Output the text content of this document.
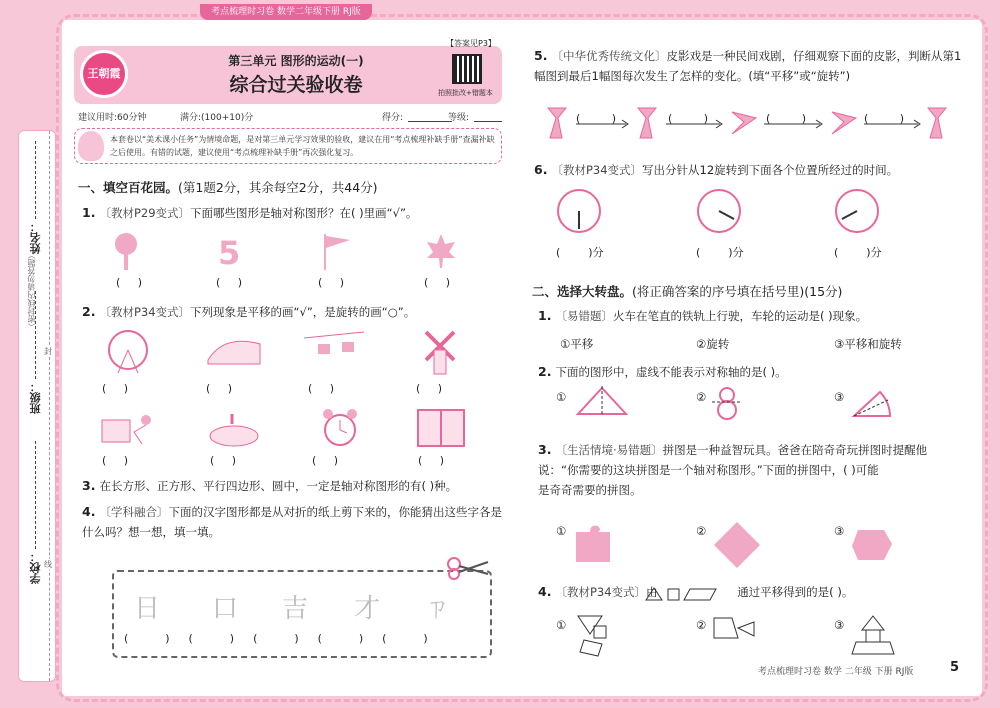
考点梳理时习卷 数学二年级下册 RJ版
姓名：
班级：
学校：
（密封线内请勿答题）
封
线
王朝霞
第三单元 图形的运动(一)
综合过关验收卷
【答案见P3】
拍照批改+错题本
建议用时:60分钟	满分:(100+10)分	得分:	等级:
本套卷以“美术课小任务”为情境命题，是对第三单元学习效果的验收，建议在用“考点梳理补缺手册”查漏补缺之后使用。有错的试题，建议使用“考点梳理补缺手册”再次强化复习。
一、填空百花园。(第1题2分，其余每空2分，共44分)
1. 〔教材P29变式〕下面哪些图形是轴对称图形？在( )里画“√”。
5
(     )	(     )	(     )	(     )
2. 〔教材P34变式〕下列现象是平移的画“√”，是旋转的画“○”。
(     )	(     )	(     )	(     )
(     )	(     )	(     )	(     )
3. 在长方形、正方形、平行四边形、圆中，一定是轴对称图形的有( )种。
4. 〔学科融合〕下面的汉字图形都是从对折的纸上剪下来的，你能猜出这些字各是什么吗？想一想，填一填。
日 口 吉 才 ㄗ
(        )    (        )    (        )    (        )    (        )
5. 〔中华优秀传统文化〕皮影戏是一种民间戏剧，仔细观察下面的皮影，判断从第1幅图到最后1幅图每次发生了怎样的变化。(填“平移”或“旋转”)
(         )	(         )	(         )	(         )
6. 〔教材P34变式〕写出分针从12旋转到下面各个位置所经过的时间。
(	)分	(	)分	(	)分
二、选择大转盘。(将正确答案的序号填在括号里)(15分)
1. 〔易错题〕火车在笔直的铁轨上行驶，车轮的运动是( )现象。
①平移	②旋转	③平移和旋转
2. 下面的图形中，虚线不能表示对称轴的是( )。
①	②	③
3. 〔生活情境·易错题〕拼图是一种益智玩具。爸爸在陪奇奇玩拼图时提醒他
说：“你需要的这块拼图是一个轴对称图形。”下面的拼图中，( )可能
是奇奇需要的拼图。
①	②	③
4. 〔教材P34变式〕由	通过平移得到的是( )。
①	②	③
考点梳理时习卷 数学 二年级 下册 RJ版	5
